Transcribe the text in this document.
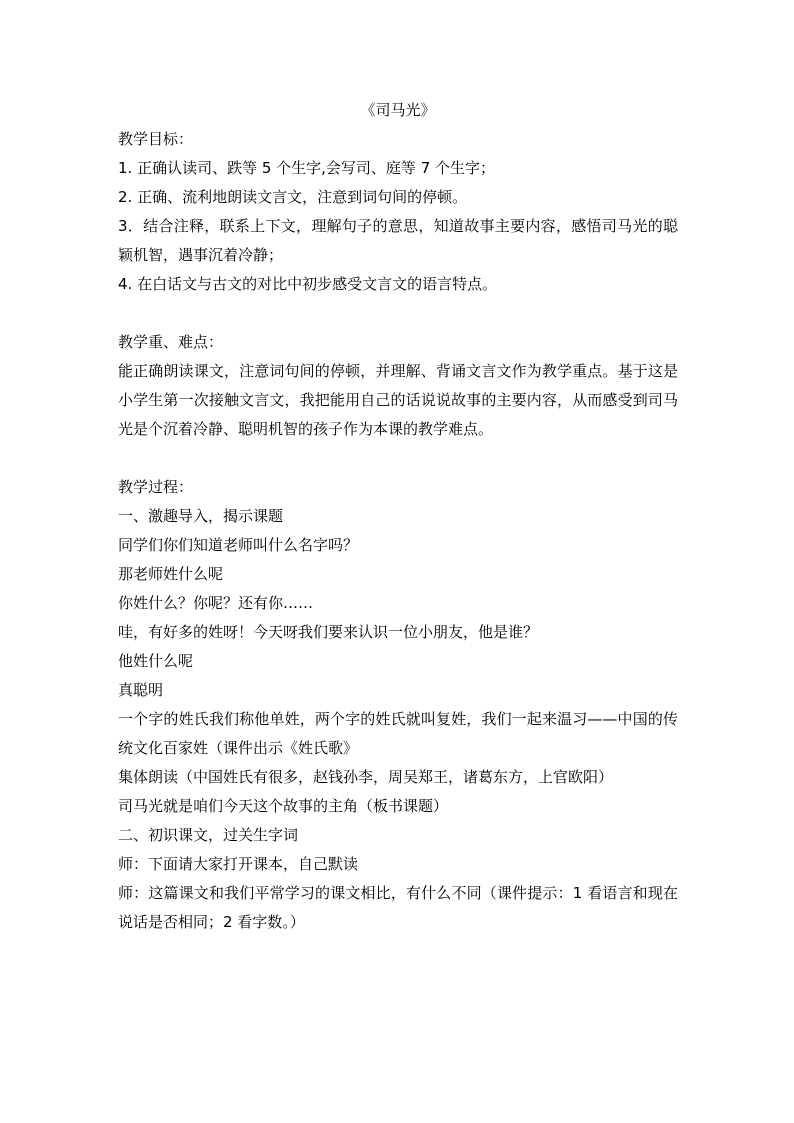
《司马光》
教学目标：
1. 正确认读司、跌等 5 个生字,会写司、庭等 7 个生字；
2. 正确、流利地朗读文言文，注意到词句间的停顿。
3．结合注释，联系上下文，理解句子的意思，知道故事主要内容，感悟司马光的聪颖机智，遇事沉着冷静；
4. 在白话文与古文的对比中初步感受文言文的语言特点。
教学重、难点：
能正确朗读课文，注意词句间的停顿，并理解、背诵文言文作为教学重点。基于这是小学生第一次接触文言文，我把能用自己的话说说故事的主要内容，从而感受到司马光是个沉着冷静、聪明机智的孩子作为本课的教学难点。
教学过程：
一、激趣导入，揭示课题
同学们你们知道老师叫什么名字吗？
那老师姓什么呢
你姓什么？你呢？还有你……
哇，有好多的姓呀！今天呀我们要来认识一位小朋友，他是谁？
他姓什么呢
真聪明
一个字的姓氏我们称他单姓，两个字的姓氏就叫复姓，我们一起来温习——中国的传统文化百家姓（课件出示《姓氏歌》
集体朗读（中国姓氏有很多，赵钱孙李，周吴郑王，诸葛东方，上官欧阳）
司马光就是咱们今天这个故事的主角（板书课题）
二、初识课文，过关生字词
师：下面请大家打开课本，自己默读
师：这篇课文和我们平常学习的课文相比，有什么不同（课件提示：1 看语言和现在说话是否相同；2 看字数。）
